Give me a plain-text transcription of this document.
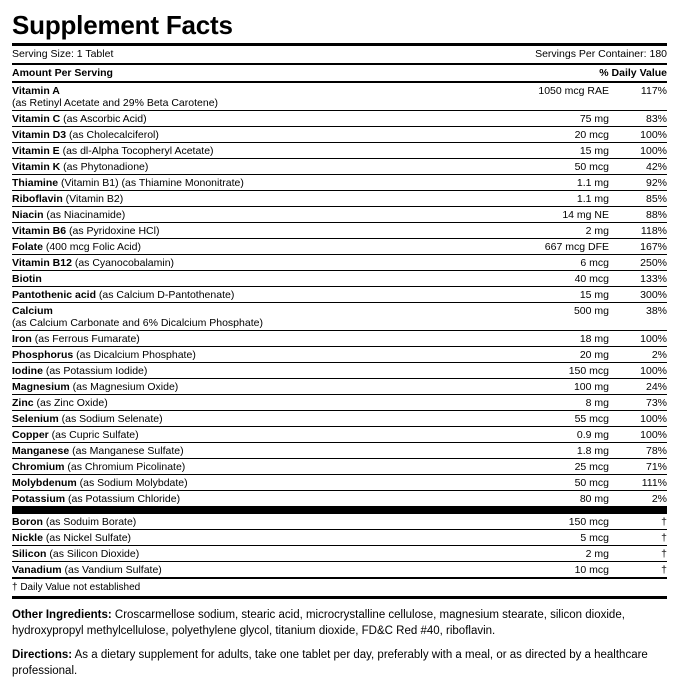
Supplement Facts
Serving Size: 1 Tablet	Servings Per Container: 180
Amount Per Serving	% Daily Value
Vitamin A
(as Retinyl Acetate and 29% Beta Carotene)	1050 mcg RAE	117%
Vitamin C (as Ascorbic Acid)	75 mg	83%
Vitamin D3 (as Cholecalciferol)	20 mcg	100%
Vitamin E (as dl-Alpha Tocopheryl Acetate)	15 mg	100%
Vitamin K (as Phytonadione)	50 mcg	42%
Thiamine (Vitamin B1) (as Thiamine Mononitrate)	1.1 mg	92%
Riboflavin (Vitamin B2)	1.1 mg	85%
Niacin (as Niacinamide)	14 mg NE	88%
Vitamin B6 (as Pyridoxine HCl)	2 mg	118%
Folate (400 mcg Folic Acid)	667 mcg DFE	167%
Vitamin B12 (as Cyanocobalamin)	6 mcg	250%
Biotin	40 mcg	133%
Pantothenic acid (as Calcium D-Pantothenate)	15 mg	300%
Calcium
(as Calcium Carbonate and 6% Dicalcium Phosphate)	500 mg	38%
Iron (as Ferrous Fumarate)	18 mg	100%
Phosphorus (as Dicalcium Phosphate)	20 mg	2%
Iodine (as Potassium Iodide)	150 mcg	100%
Magnesium (as Magnesium Oxide)	100 mg	24%
Zinc (as Zinc Oxide)	8 mg	73%
Selenium (as Sodium Selenate)	55 mcg	100%
Copper (as Cupric Sulfate)	0.9 mg	100%
Manganese (as Manganese Sulfate)	1.8 mg	78%
Chromium (as Chromium Picolinate)	25 mcg	71%
Molybdenum (as Sodium Molybdate)	50 mcg	111%
Potassium (as Potassium Chloride)	80 mg	2%
Boron (as Soduim Borate)	150 mcg	†
Nickle (as Nickel Sulfate)	5 mcg	†
Silicon (as Silicon Dioxide)	2 mg	†
Vanadium (as Vandium Sulfate)	10 mcg	†
† Daily Value not established
Other Ingredients: Croscarmellose sodium, stearic acid, microcrystalline cellulose, magnesium stearate, silicon dioxide, hydroxypropyl methylcellulose, polyethylene glycol, titanium dioxide, FD&C Red #40, riboflavin.
Directions: As a dietary supplement for adults, take one tablet per day, preferably with a meal, or as directed by a healthcare professional.
